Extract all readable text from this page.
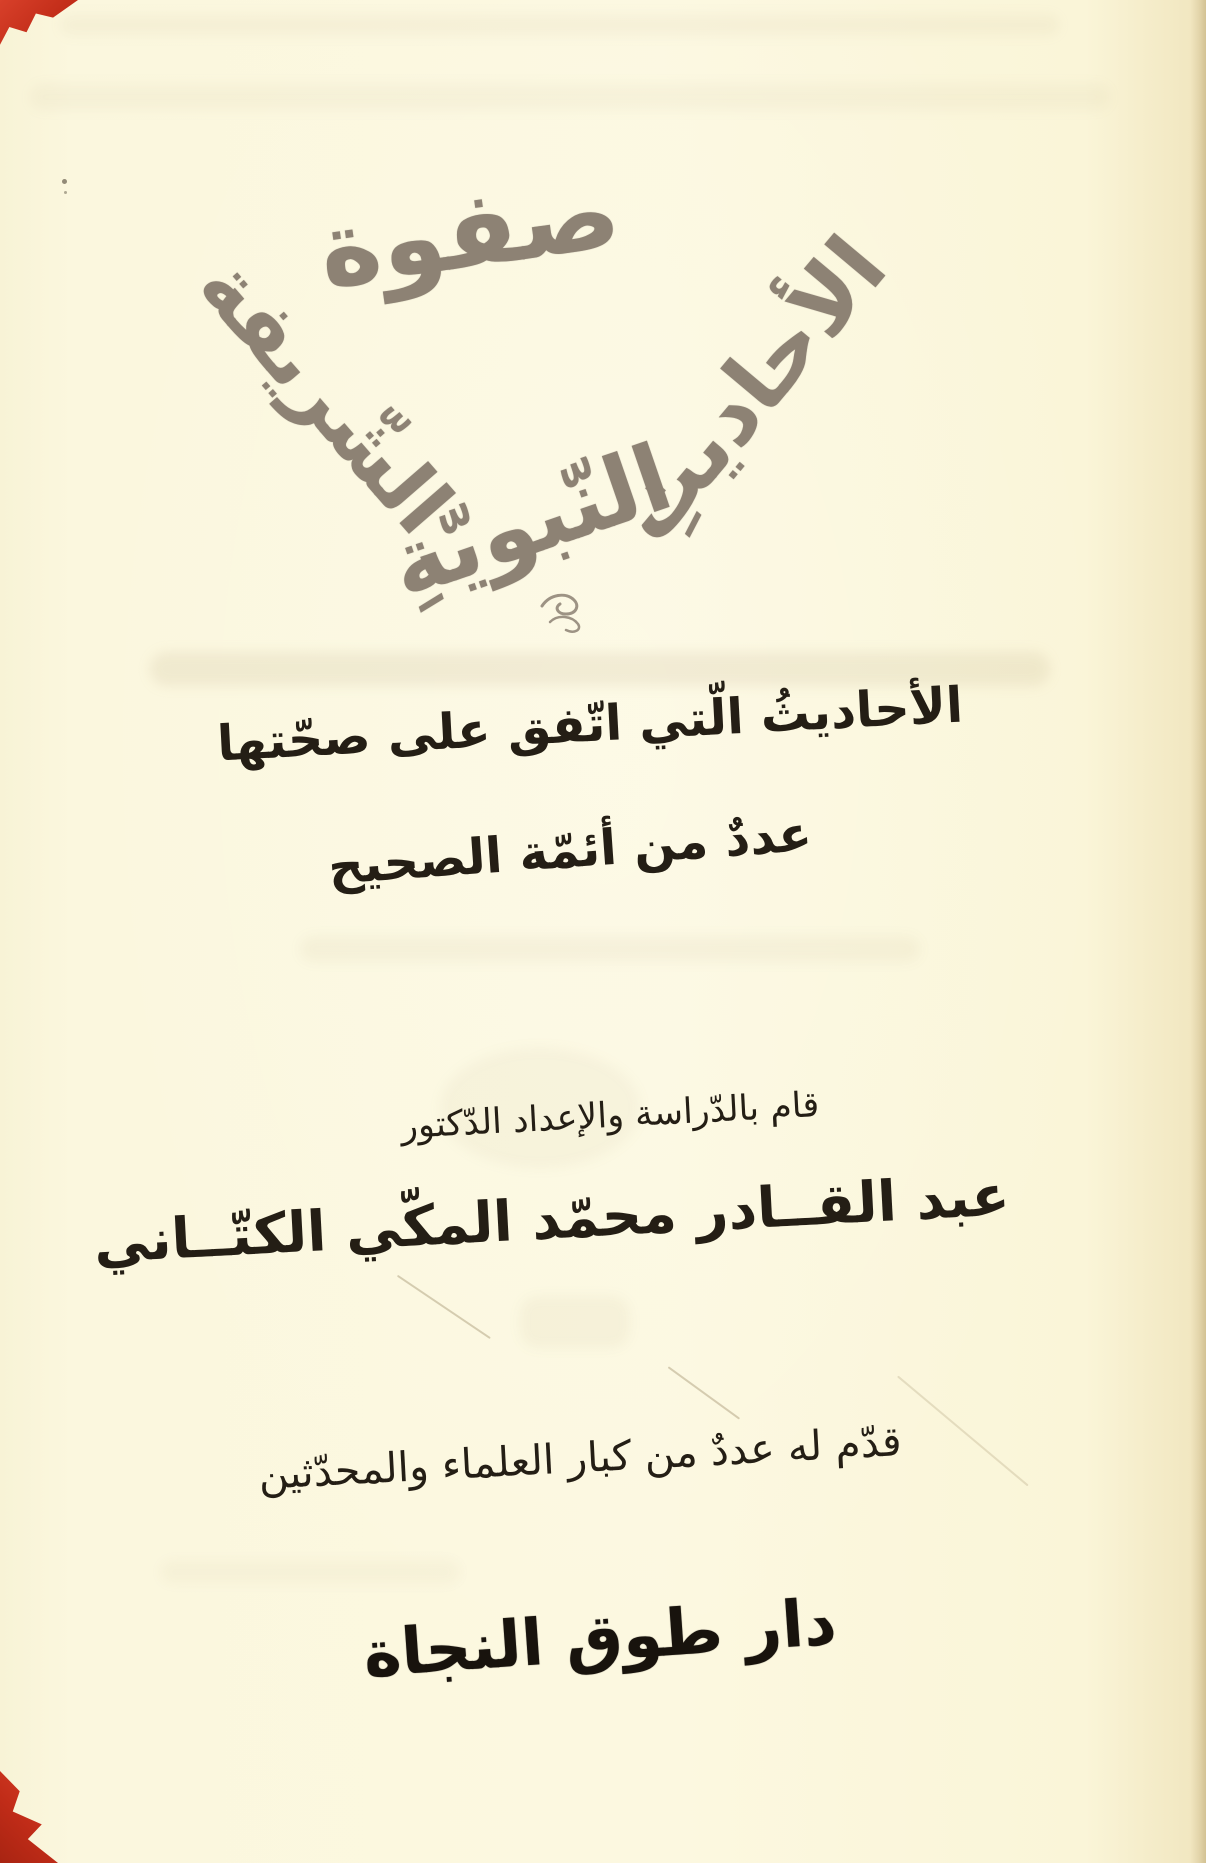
صفوة
الأحاديثِ
النّبويّةِ
الشّريفة
الأحاديثُ الّتي اتّفق على صحّتها
عددٌ من أئمّة الصحيح
قام بالدّراسة والإعداد الدّكتور
عبد القــادر محمّد المكّي الكتّــاني
قدّم له عددٌ من كبار العلماء والمحدّثين
دار طوق النجاة
